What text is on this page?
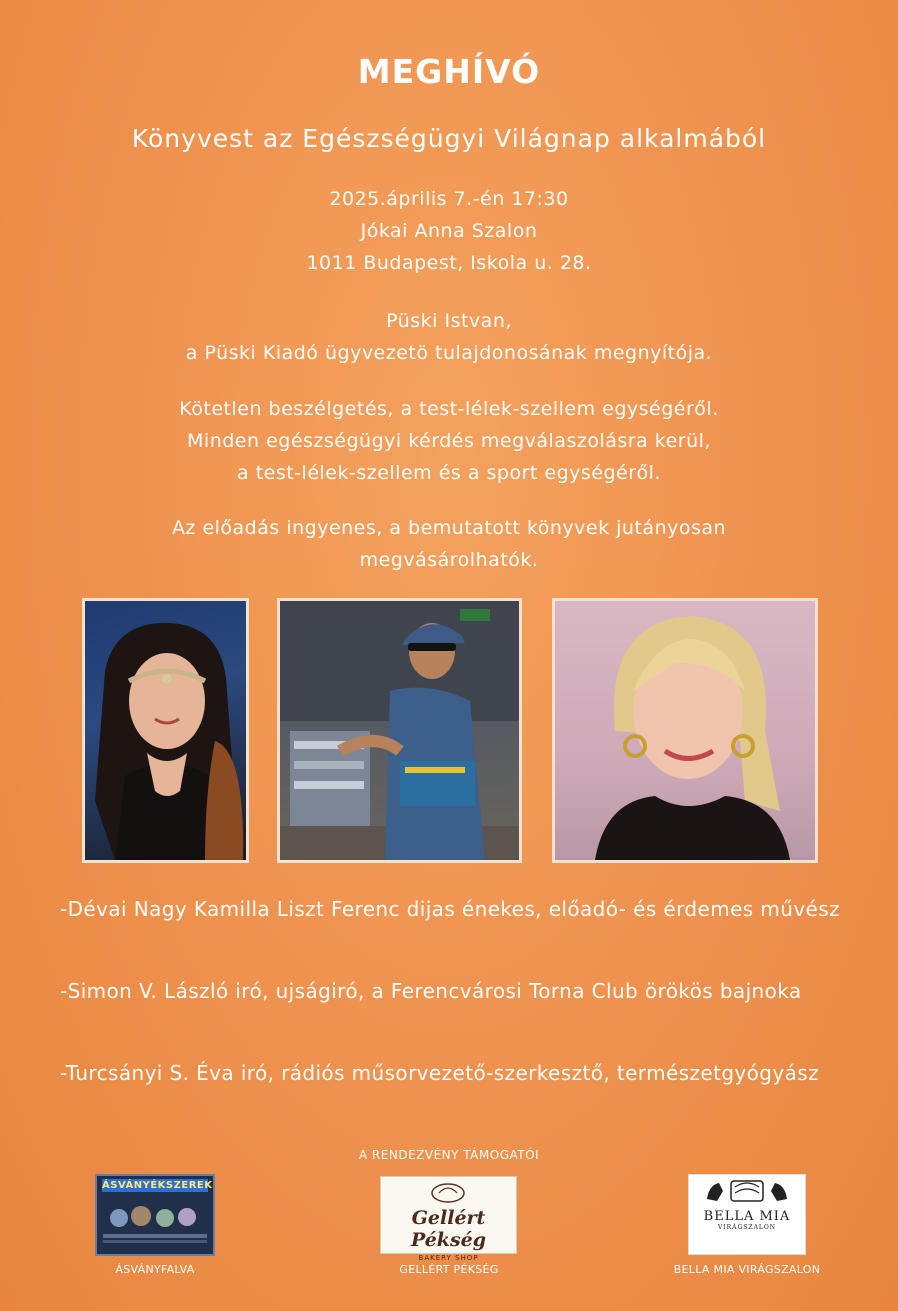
MEGHÍVÓ
Könyvest az Egészségügyi Világnap alkalmából
2025.április 7.-én 17:30
Jókai Anna Szalon
1011 Budapest, Iskola u. 28.
Püski Istvan,
a Püski Kiadó ügyvezetö tulajdonosának megnyítója.
Kötetlen beszélgetés, a test-lélek-szellem egységéről.
Minden egészségügyi kérdés megválaszolásra kerül,
a test-lélek-szellem és a sport egységéről.
Az előadás ingyenes, a bemutatott könyvek jutányosan
megvásárolhatók.
-Dévai Nagy Kamilla Liszt Ferenc dijas énekes, előadó- és érdemes művész
-Simon V. László iró, ujságiró, a Ferencvárosi Torna Club örökös bajnoka
-Turcsányi S. Éva iró, rádiós műsorvezető-szerkesztő, természetgyógyász
A RENDEZVÉNY TÁMOGATÓI
ÁSVÁNYÉKSZEREK
Gellért Pékség
BAKERY SHOP
BELLA MIA
VIRÁGSZALON
ÁSVÁNYFALVA	GELLÉRT PÉKSÉG	BELLA MIA VIRÁGSZALON
